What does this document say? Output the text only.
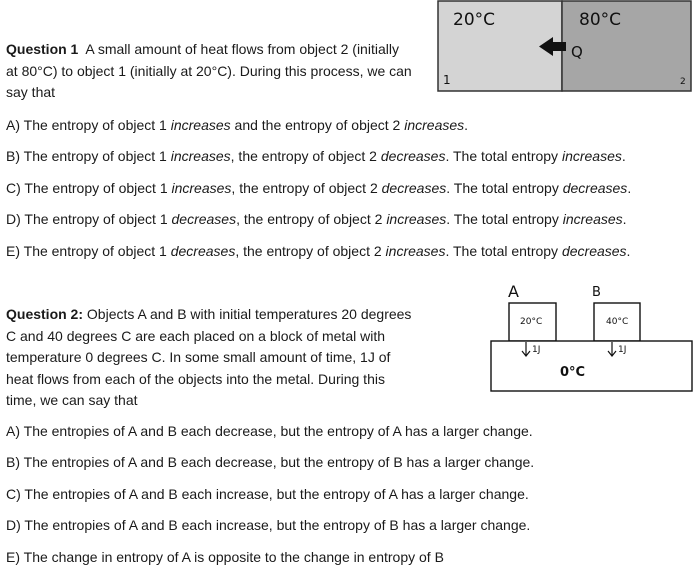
Question 1 A small amount of heat flows from object 2 (initially
at 80°C) to object 1 (initially at 20°C). During this process, we can
say that
20°C	80°C
Q
1	2
A) The entropy of object 1 increases and the entropy of object 2 increases.
B) The entropy of object 1 increases, the entropy of object 2 decreases. The total entropy increases.
C) The entropy of object 1 increases, the entropy of object 2 decreases. The total entropy decreases.
D) The entropy of object 1 decreases, the entropy of object 2 increases. The total entropy increases.
E) The entropy of object 1 decreases, the entropy of object 2 increases. The total entropy decreases.
Question 2: Objects A and B with initial temperatures 20 degrees
C and 40 degrees C are each placed on a block of metal with
temperature 0 degrees C. In some small amount of time, 1J of
heat flows from each of the objects into the metal. During this
time, we can say that
A	B
20°C	40°C
1J	1J
0°C
A) The entropies of A and B each decrease, but the entropy of A has a larger change.
B) The entropies of A and B each decrease, but the entropy of B has a larger change.
C) The entropies of A and B each increase, but the entropy of A has a larger change.
D) The entropies of A and B each increase, but the entropy of B has a larger change.
E) The change in entropy of A is opposite to the change in entropy of B
